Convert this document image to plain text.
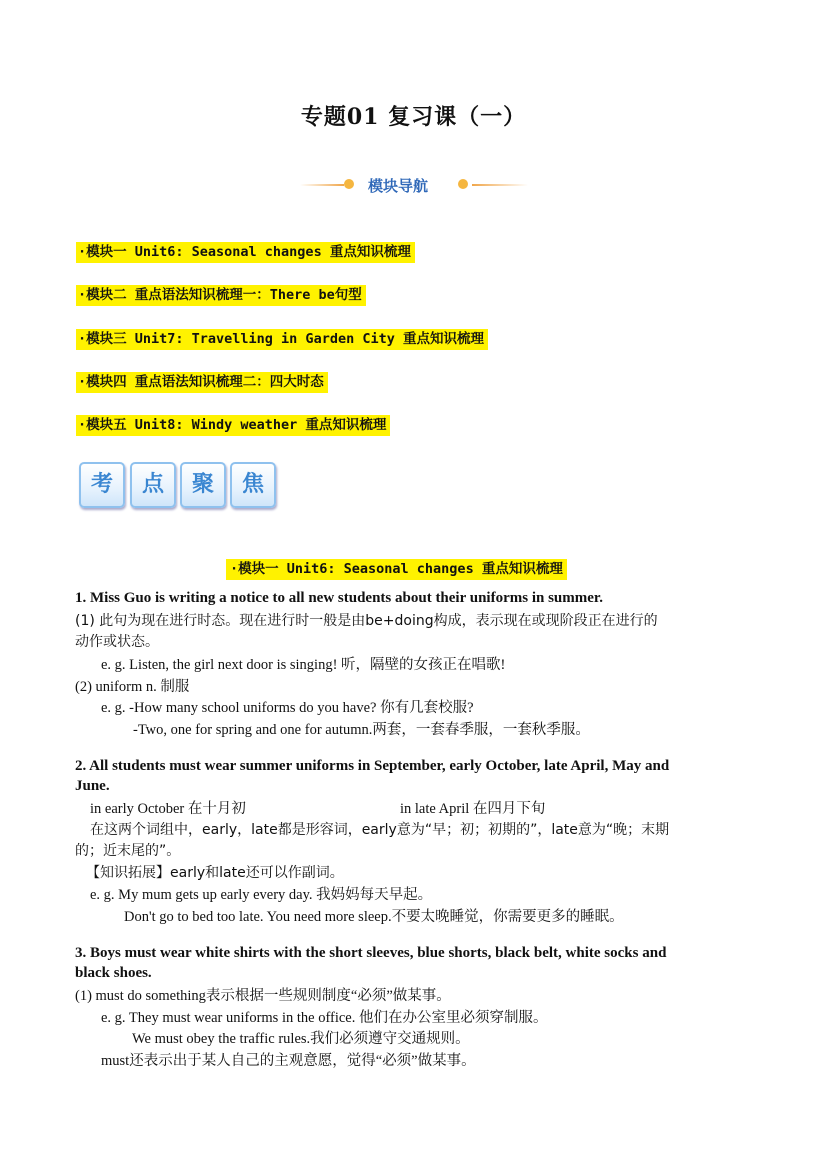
专题01 复习课（一）
模块导航
·模块一 Unit6: Seasonal changes 重点知识梳理
·模块二 重点语法知识梳理一：There be句型
·模块三 Unit7: Travelling in Garden City 重点知识梳理
·模块四 重点语法知识梳理二：四大时态
·模块五 Unit8: Windy weather 重点知识梳理
考	点	聚	焦
·模块一 Unit6: Seasonal changes 重点知识梳理
1. Miss Guo is writing a notice to all new students about their uniforms in summer.
(1) 此句为现在进行时态。现在进行时一般是由be+doing构成，表示现在或现阶段正在进行的
动作或状态。
e. g. Listen, the girl next door is singing! 听，隔壁的女孩正在唱歌!
(2) uniform n. 制服
e. g. -How many school uniforms do you have? 你有几套校服?
-Two, one for spring and one for autumn.两套，一套春季服，一套秋季服。
2. All students must wear summer uniforms in September, early October, late April, May and
June.
in early October 在十月初	in late April 在四月下旬
在这两个词组中，early，late都是形容词，early意为“早；初；初期的”，late意为“晚；末期
的；近末尾的”。
【知识拓展】early和late还可以作副词。
e. g. My mum gets up early every day. 我妈妈每天早起。
Don't go to bed too late. You need more sleep.不要太晚睡觉，你需要更多的睡眠。
3. Boys must wear white shirts with the short sleeves, blue shorts, black belt, white socks and
black shoes.
(1) must do something表示根据一些规则制度“必须”做某事。
e. g. They must wear uniforms in the office. 他们在办公室里必须穿制服。
We must obey the traffic rules.我们必须遵守交通规则。
must还表示出于某人自己的主观意愿，觉得“必须”做某事。
